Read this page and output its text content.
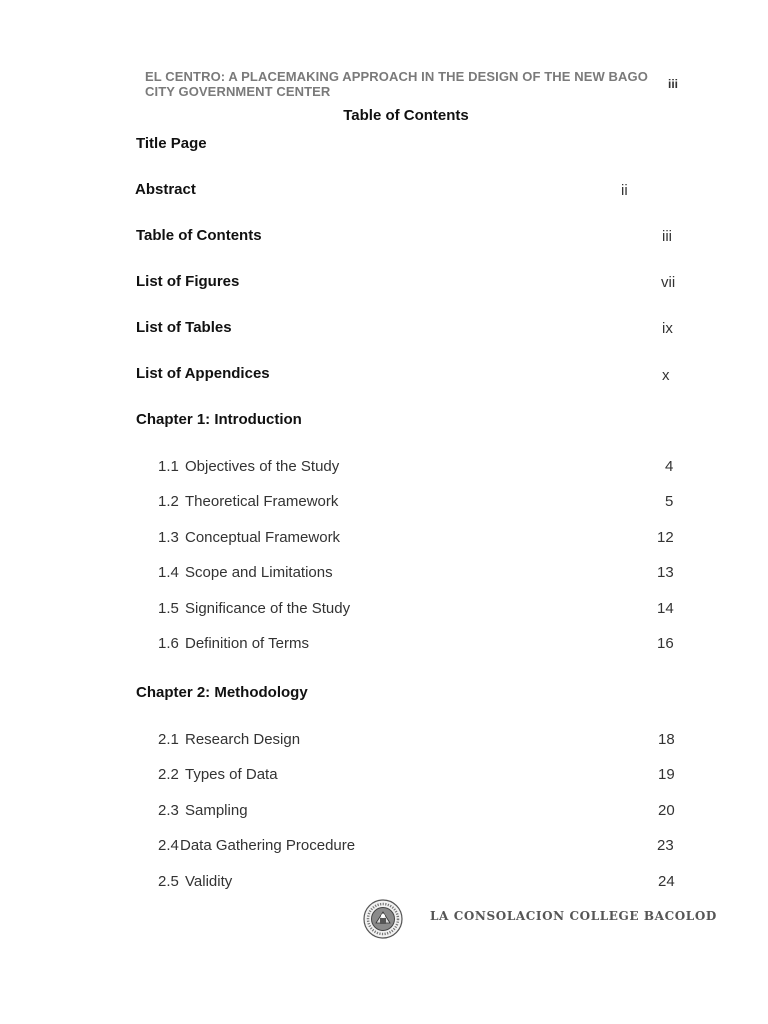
EL CENTRO: A PLACEMAKING APPROACH IN THE DESIGN OF THE NEW BAGO
CITY GOVERNMENT CENTER	iii
Table of Contents
Title Page
Abstract	ii
Table of Contents	iii
List of Figures	vii
List of Tables	ix
List of Appendices	x
Chapter 1: Introduction
1.1 Objectives of the Study	4
1.2 Theoretical Framework	5
1.3 Conceptual Framework	12
1.4 Scope and Limitations	13
1.5 Significance of the Study	14
1.6 Definition of Terms	16
Chapter 2: Methodology
2.1 Research Design	18
2.2 Types of Data	19
2.3 Sampling	20
2.4 Data Gathering Procedure	23
2.5 Validity	24
LA CONSOLACION COLLEGE BACOLOD
